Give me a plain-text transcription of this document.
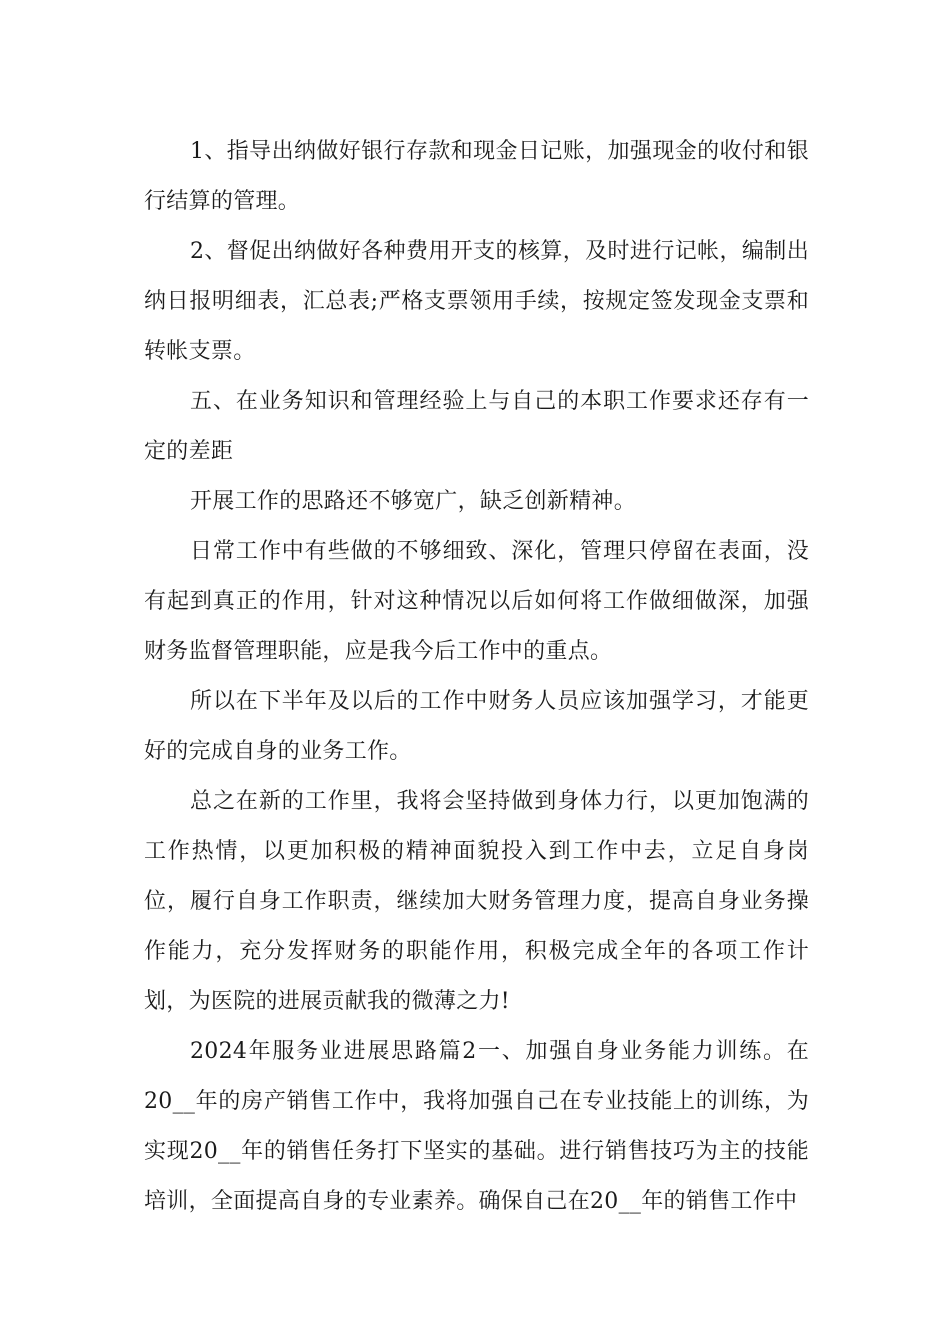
1、指导出纳做好银行存款和现金日记账，加强现金的收付和银行结算的管理。

2、督促出纳做好各种费用开支的核算，及时进行记帐，编制出纳日报明细表，汇总表;严格支票领用手续，按规定签发现金支票和转帐支票。

五、在业务知识和管理经验上与自己的本职工作要求还存有一定的差距

开展工作的思路还不够宽广，缺乏创新精神。

日常工作中有些做的不够细致、深化，管理只停留在表面，没有起到真正的作用，针对这种情况以后如何将工作做细做深，加强财务监督管理职能，应是我今后工作中的重点。

所以在下半年及以后的工作中财务人员应该加强学习，才能更好的完成自身的业务工作。

总之在新的工作里，我将会坚持做到身体力行，以更加饱满的工作热情，以更加积极的精神面貌投入到工作中去，立足自身岗位，履行自身工作职责，继续加大财务管理力度，提高自身业务操作能力，充分发挥财务的职能作用，积极完成全年的各项工作计划，为医院的进展贡献我的微薄之力!

2024年服务业进展思路篇2一、加强自身业务能力训练。在20__年的房产销售工作中，我将加强自己在专业技能上的训练，为实现20__年的销售任务打下坚实的基础。进行销售技巧为主的技能培训，全面提高自身的专业素养。确保自己在20__年的销售工作中
